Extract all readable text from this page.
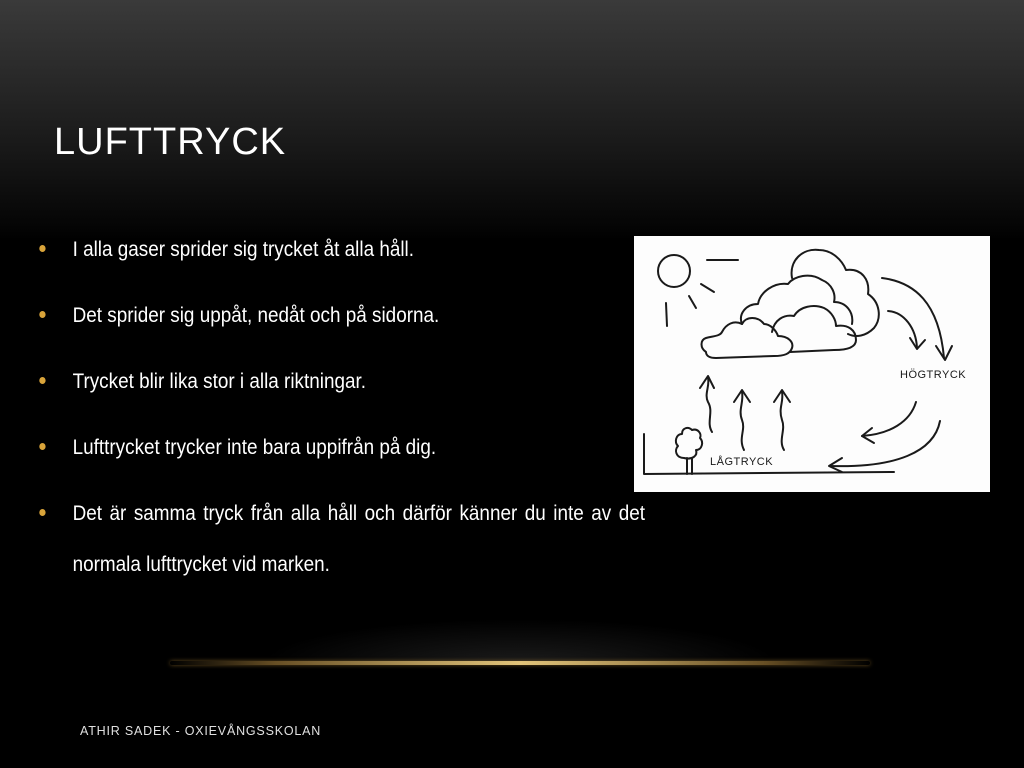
LUFTTRYCK
I alla gaser sprider sig trycket åt alla håll.
Det sprider sig uppåt, nedåt och på sidorna.
Trycket blir lika stor i alla riktningar.
Lufttrycket trycker inte bara uppifrån på dig.
Det är samma tryck från alla håll och därför känner du inte av det normala lufttrycket vid marken.
HÖGTRYCK
LÅGTRYCK
ATHIR SADEK - OXIEVÅNGSSKOLAN
